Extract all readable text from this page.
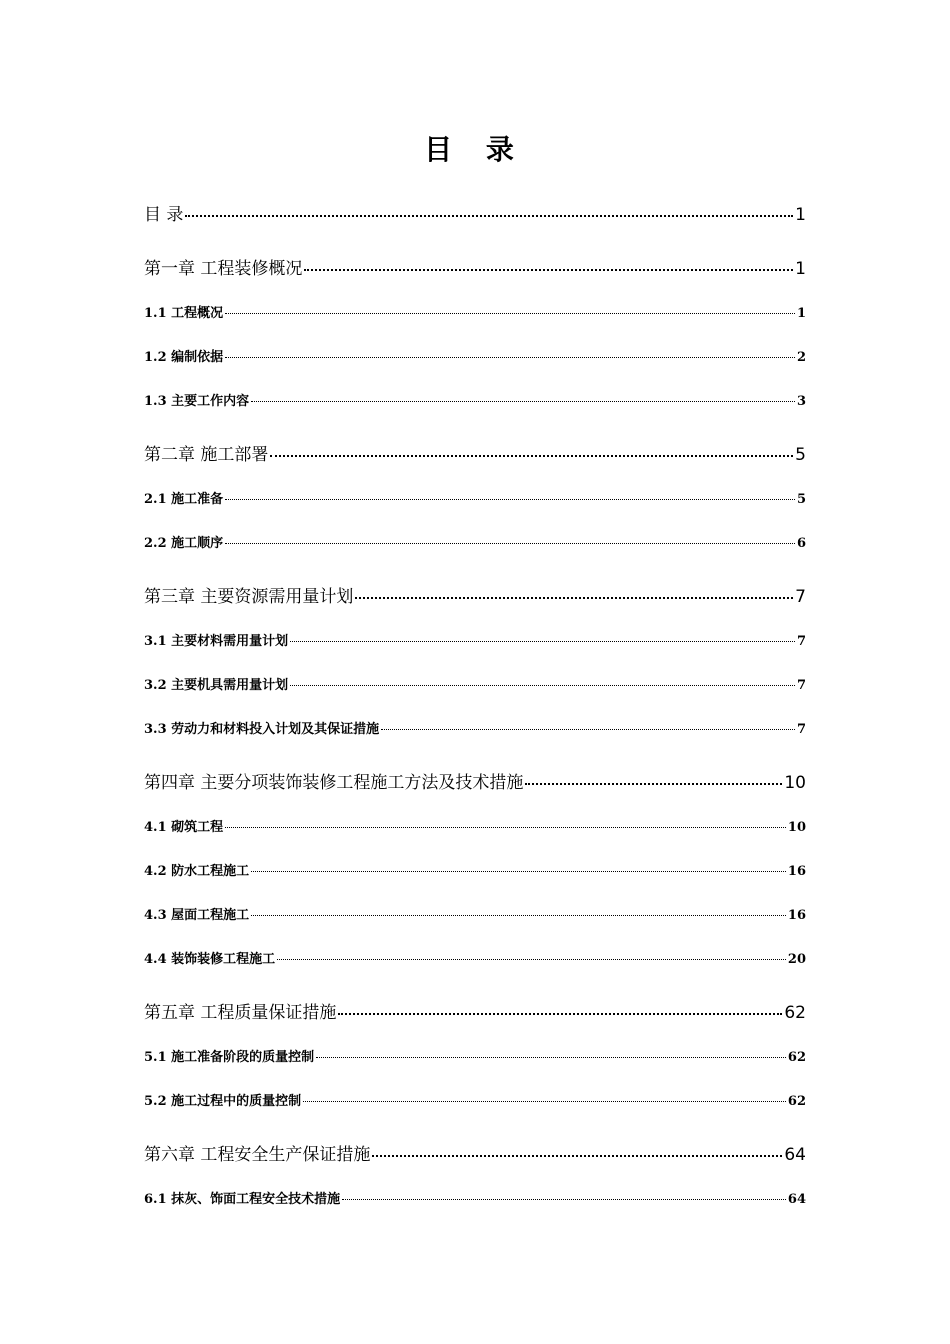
目 录
目 录	1
第一章 工程装修概况	1
1.1 工程概况	1
1.2 编制依据	2
1.3 主要工作内容	3
第二章 施工部署	5
2.1 施工准备	5
2.2 施工顺序	6
第三章 主要资源需用量计划	7
3.1 主要材料需用量计划	7
3.2 主要机具需用量计划	7
3.3 劳动力和材料投入计划及其保证措施	7
第四章 主要分项装饰装修工程施工方法及技术措施	10
4.1 砌筑工程	10
4.2 防水工程施工	16
4.3 屋面工程施工	16
4.4 装饰装修工程施工	20
第五章 工程质量保证措施	62
5.1 施工准备阶段的质量控制	62
5.2 施工过程中的质量控制	62
第六章 工程安全生产保证措施	64
6.1 抹灰、饰面工程安全技术措施	64
